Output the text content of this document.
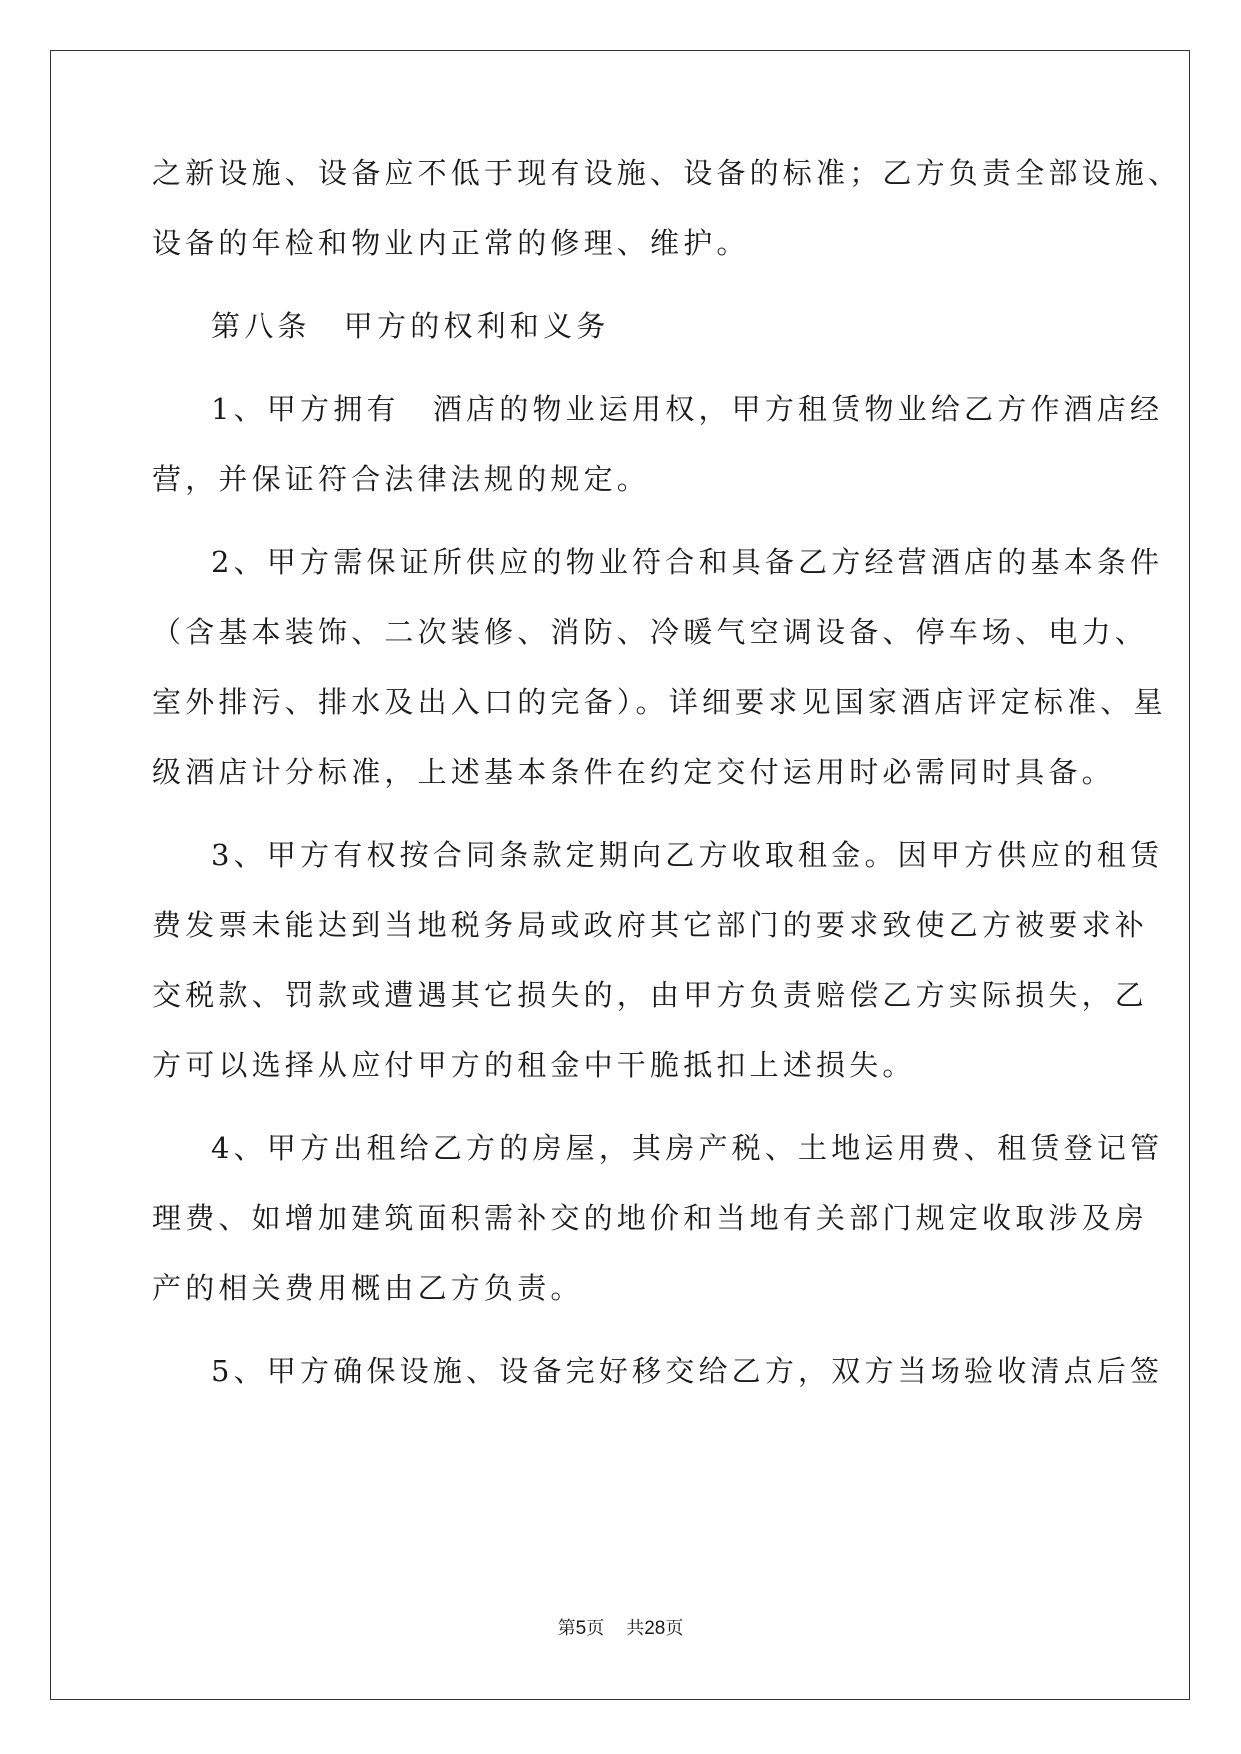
之新设施、设备应不低于现有设施、设备的标准；乙方负责全部设施、
设备的年检和物业内正常的修理、维护。
第八条　甲方的权利和义务
1、甲方拥有　酒店的物业运用权，甲方租赁物业给乙方作酒店经
营，并保证符合法律法规的规定。
2、甲方需保证所供应的物业符合和具备乙方经营酒店的基本条件
（含基本装饰、二次装修、消防、冷暖气空调设备、停车场、电力、
室外排污、排水及出入口的完备）。详细要求见国家酒店评定标准、星
级酒店计分标准，上述基本条件在约定交付运用时必需同时具备。
3、甲方有权按合同条款定期向乙方收取租金。因甲方供应的租赁
费发票未能达到当地税务局或政府其它部门的要求致使乙方被要求补
交税款、罚款或遭遇其它损失的，由甲方负责赔偿乙方实际损失，乙
方可以选择从应付甲方的租金中干脆抵扣上述损失。
4、甲方出租给乙方的房屋，其房产税、土地运用费、租赁登记管
理费、如增加建筑面积需补交的地价和当地有关部门规定收取涉及房
产的相关费用概由乙方负责。
5、甲方确保设施、设备完好移交给乙方，双方当场验收清点后签
第5页 共28页
